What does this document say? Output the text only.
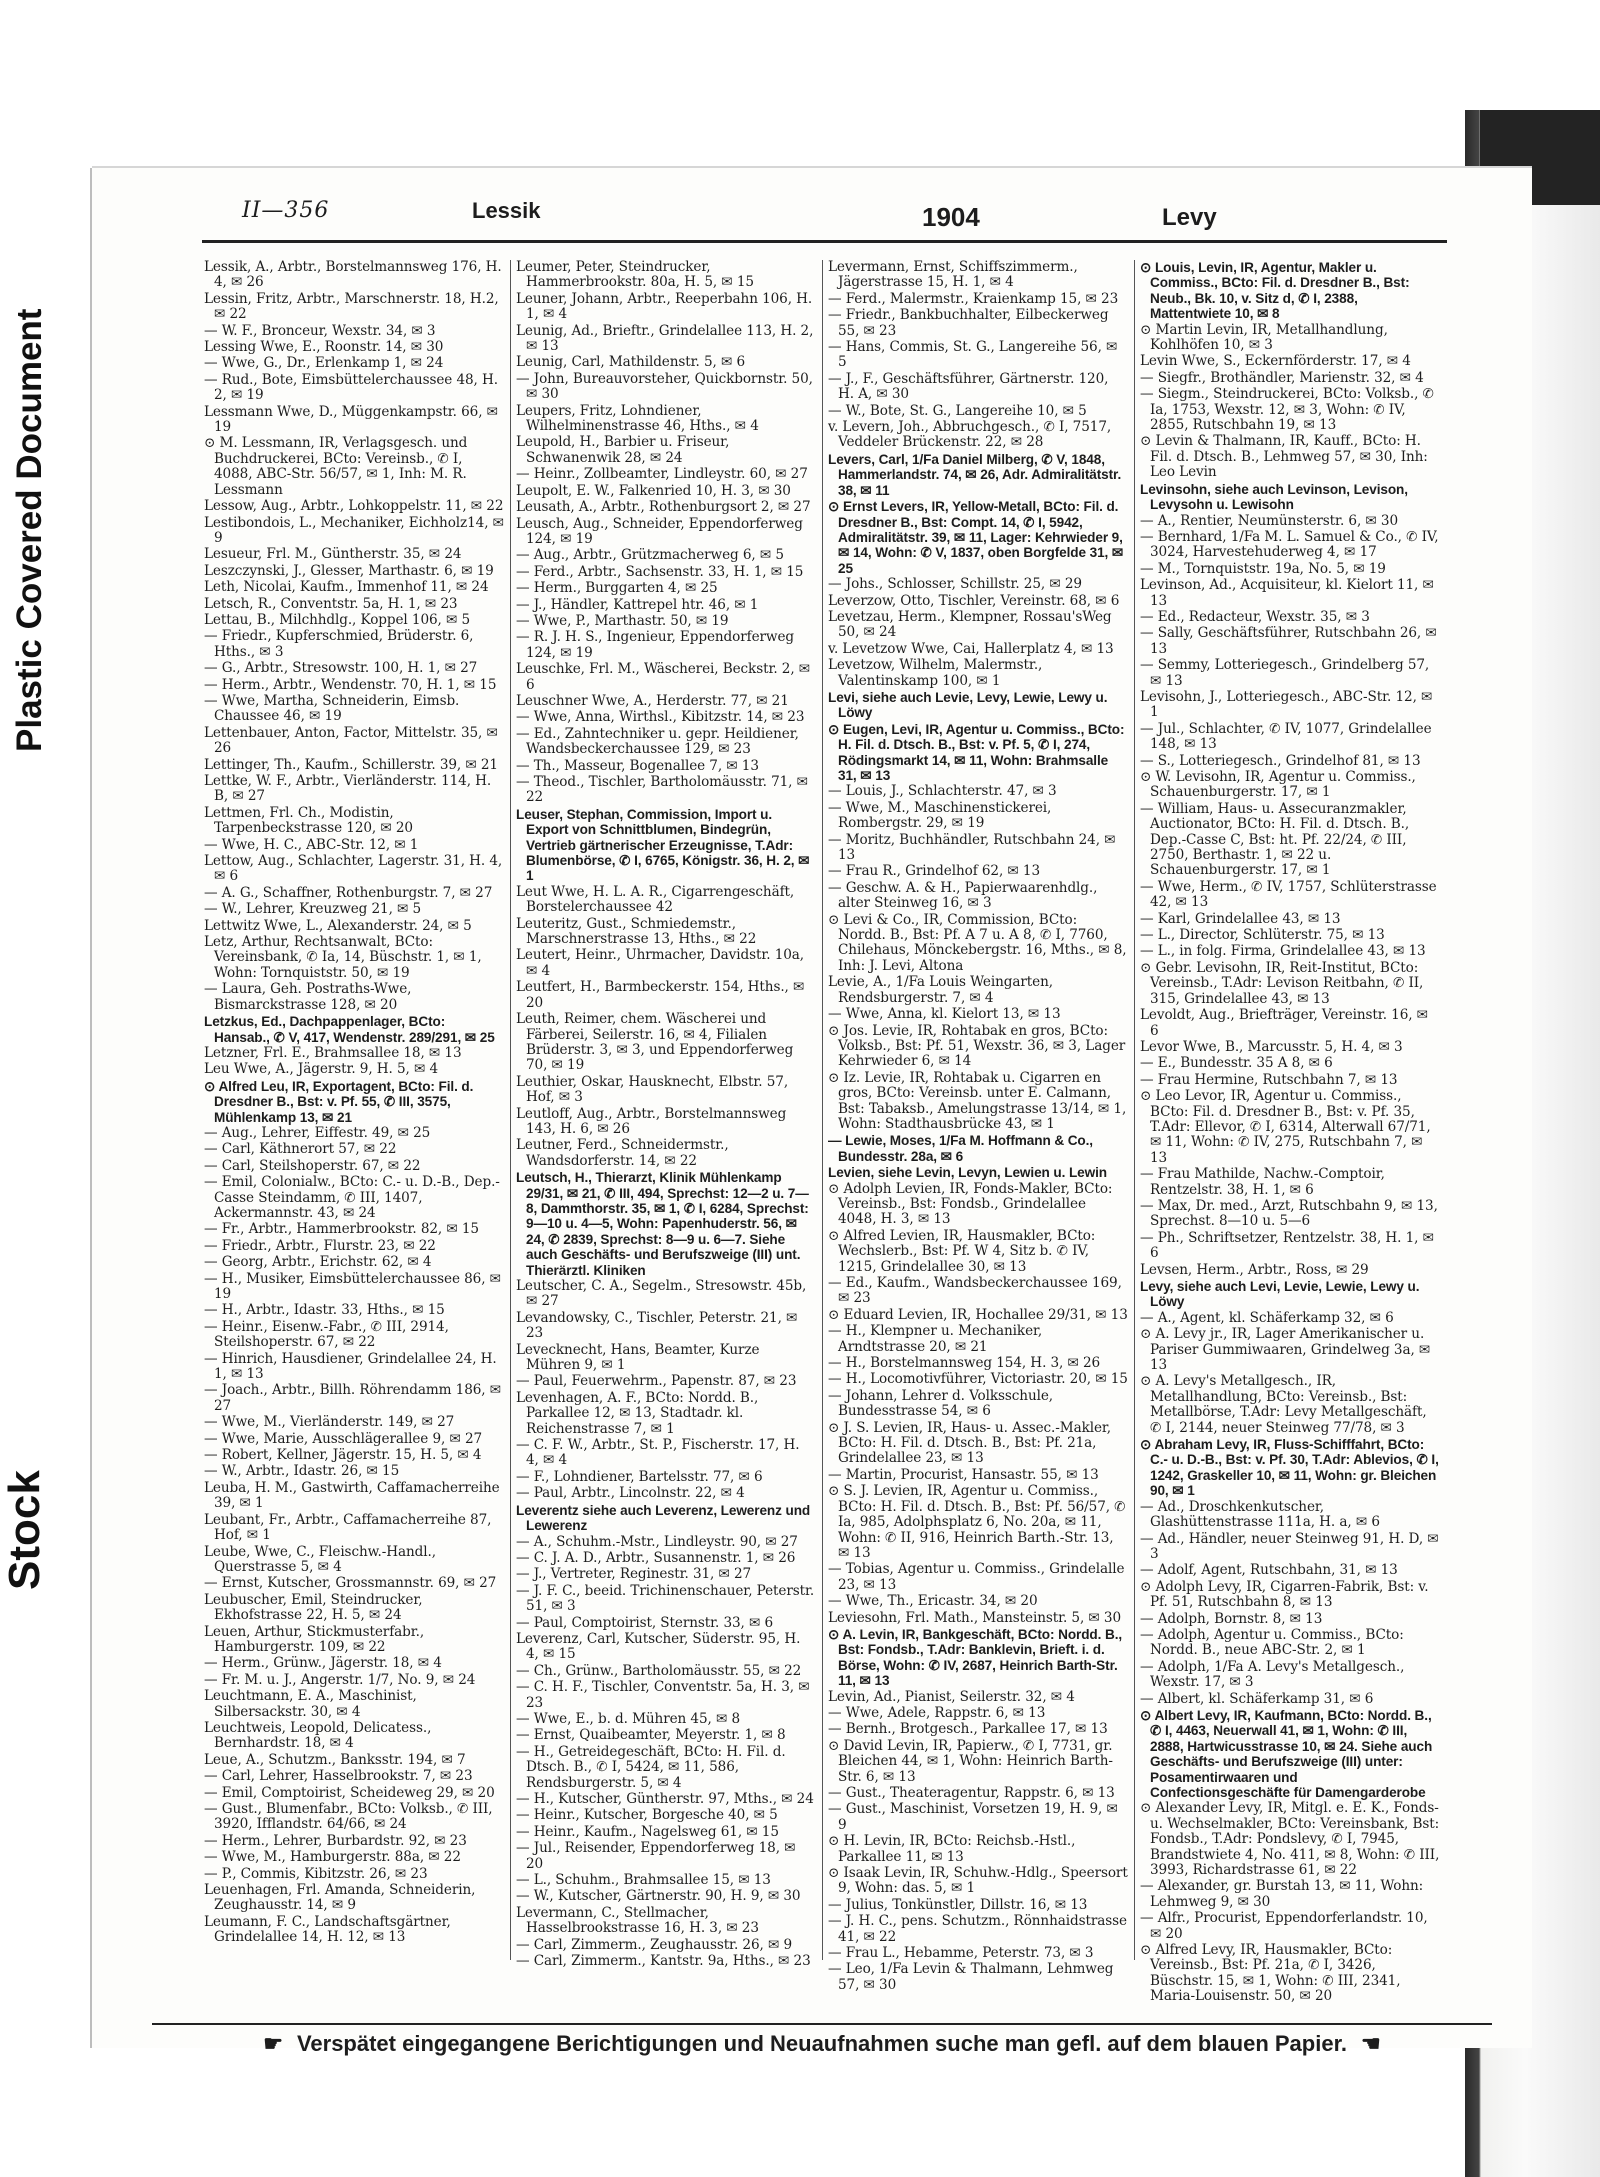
Plastic Covered Document
Stock
II—356	Lessik	1904	Levy
Lessik, A., Arbtr., Borstelmannsweg 176, H. 4, ✉ 26
Lessin, Fritz, Arbtr., Marschnerstr. 18, H.2, ✉ 22
— W. F., Bronceur, Wexstr. 34, ✉ 3
Lessing Wwe, E., Roonstr. 14, ✉ 30
— Wwe, G., Dr., Erlenkamp 1, ✉ 24
— Rud., Bote, Eimsbüttelerchaussee 48, H. 2, ✉ 19
Lessmann Wwe, D., Müggenkampstr. 66, ✉ 19
⊙ M. Lessmann, IR, Verlagsgesch. und Buchdruckerei, BCto: Vereinsb., ✆ I, 4088, ABC-Str. 56/57, ✉ 1, Inh: M. R. Lessmann
Lessow, Aug., Arbtr., Lohkoppelstr. 11, ✉ 22
Lestibondois, L., Mechaniker, Eichholz14, ✉ 9
Lesueur, Frl. M., Güntherstr. 35, ✉ 24
Leszczynski, J., Glesser, Marthastr. 6, ✉ 19
Leth, Nicolai, Kaufm., Immenhof 11, ✉ 24
Letsch, R., Conventstr. 5a, H. 1, ✉ 23
Lettau, B., Milchhdlg., Koppel 106, ✉ 5
— Friedr., Kupferschmied, Brüderstr. 6, Hths., ✉ 3
— G., Arbtr., Stresowstr. 100, H. 1, ✉ 27
— Herm., Arbtr., Wendenstr. 70, H. 1, ✉ 15
— Wwe, Martha, Schneiderin, Eimsb. Chaussee 46, ✉ 19
Lettenbauer, Anton, Factor, Mittelstr. 35, ✉ 26
Lettinger, Th., Kaufm., Schillerstr. 39, ✉ 21
Lettke, W. F., Arbtr., Vierländerstr. 114, H. B, ✉ 27
Lettmen, Frl. Ch., Modistin, Tarpenbeckstrasse 120, ✉ 20
— Wwe, H. C., ABC-Str. 12, ✉ 1
Lettow, Aug., Schlachter, Lagerstr. 31, H. 4, ✉ 6
— A. G., Schaffner, Rothenburgstr. 7, ✉ 27
— W., Lehrer, Kreuzweg 21, ✉ 5
Lettwitz Wwe, L., Alexanderstr. 24, ✉ 5
Letz, Arthur, Rechtsanwalt, BCto: Vereinsbank, ✆ Ia, 14, Büschstr. 1, ✉ 1, Wohn: Tornquiststr. 50, ✉ 19
— Laura, Geh. Postraths-Wwe, Bismarckstrasse 128, ✉ 20
Letzkus, Ed., Dachpappenlager, BCto: Hansab., ✆ V, 417, Wendenstr. 289/291, ✉ 25
Letzner, Frl. E., Brahmsallee 18, ✉ 13
Leu Wwe, A., Jägerstr. 9, H. 5, ✉ 4
⊙ Alfred Leu, IR, Exportagent, BCto: Fil. d. Dresdner B., Bst: v. Pf. 55, ✆ III, 3575, Mühlenkamp 13, ✉ 21
— Aug., Lehrer, Eiffestr. 49, ✉ 25
— Carl, Käthnerort 57, ✉ 22
— Carl, Steilshoperstr. 67, ✉ 22
— Emil, Colonialw., BCto: C.- u. D.-B., Dep.-Casse Steindamm, ✆ III, 1407, Ackermannstr. 43, ✉ 24
— Fr., Arbtr., Hammerbrookstr. 82, ✉ 15
— Friedr., Arbtr., Flurstr. 23, ✉ 22
— Georg, Arbtr., Erichstr. 62, ✉ 4
— H., Musiker, Eimsbüttelerchaussee 86, ✉ 19
— H., Arbtr., Idastr. 33, Hths., ✉ 15
— Heinr., Eisenw.-Fabr., ✆ III, 2914, Steilshoperstr. 67, ✉ 22
— Hinrich, Hausdiener, Grindelallee 24, H. 1, ✉ 13
— Joach., Arbtr., Billh. Röhrendamm 186, ✉ 27
— Wwe, M., Vierländerstr. 149, ✉ 27
— Wwe, Marie, Ausschlägerallee 9, ✉ 27
— Robert, Kellner, Jägerstr. 15, H. 5, ✉ 4
— W., Arbtr., Idastr. 26, ✉ 15
Leuba, H. M., Gastwirth, Caffamacherreihe 39, ✉ 1
Leubant, Fr., Arbtr., Caffamacherreihe 87, Hof, ✉ 1
Leube, Wwe, C., Fleischw.-Handl., Querstrasse 5, ✉ 4
— Ernst, Kutscher, Grossmannstr. 69, ✉ 27
Leubuscher, Emil, Steindrucker, Ekhofstrasse 22, H. 5, ✉ 24
Leuen, Arthur, Stickmusterfabr., Hamburgerstr. 109, ✉ 22
— Herm., Grünw., Jägerstr. 18, ✉ 4
— Fr. M. u. J., Angerstr. 1/7, No. 9, ✉ 24
Leuchtmann, E. A., Maschinist, Silbersackstr. 30, ✉ 4
Leuchtweis, Leopold, Delicatess., Bernhardstr. 18, ✉ 4
Leue, A., Schutzm., Banksstr. 194, ✉ 7
— Carl, Lehrer, Hasselbrookstr. 7, ✉ 23
— Emil, Comptoirist, Scheideweg 29, ✉ 20
— Gust., Blumenfabr., BCto: Volksb., ✆ III, 3920, Ifflandstr. 64/66, ✉ 24
— Herm., Lehrer, Burbardstr. 92, ✉ 23
— Wwe, M., Hamburgerstr. 88a, ✉ 22
— P., Commis, Kibitzstr. 26, ✉ 23
Leuenhagen, Frl. Amanda, Schneiderin, Zeughausstr. 14, ✉ 9
Leumann, F. C., Landschaftsgärtner, Grindelallee 14, H. 12, ✉ 13
Leumer, Peter, Steindrucker, Hammerbrookstr. 80a, H. 5, ✉ 15
Leuner, Johann, Arbtr., Reeperbahn 106, H. 1, ✉ 4
Leunig, Ad., Brieftr., Grindelallee 113, H. 2, ✉ 13
Leunig, Carl, Mathildenstr. 5, ✉ 6
— John, Bureauvorsteher, Quickbornstr. 50, ✉ 30
Leupers, Fritz, Lohndiener, Wilhelminenstrasse 46, Hths., ✉ 4
Leupold, H., Barbier u. Friseur, Schwanenwik 28, ✉ 24
— Heinr., Zollbeamter, Lindleystr. 60, ✉ 27
Leupolt, E. W., Falkenried 10, H. 3, ✉ 30
Leusath, A., Arbtr., Rothenburgsort 2, ✉ 27
Leusch, Aug., Schneider, Eppendorferweg 124, ✉ 19
— Aug., Arbtr., Grützmacherweg 6, ✉ 5
— Ferd., Arbtr., Sachsenstr. 33, H. 1, ✉ 15
— Herm., Burggarten 4, ✉ 25
— J., Händler, Kattrepel htr. 46, ✉ 1
— Wwe, P., Marthastr. 50, ✉ 19
— R. J. H. S., Ingenieur, Eppendorferweg 124, ✉ 19
Leuschke, Frl. M., Wäscherei, Beckstr. 2, ✉ 6
Leuschner Wwe, A., Herderstr. 77, ✉ 21
— Wwe, Anna, Wirthsl., Kibitzstr. 14, ✉ 23
— Ed., Zahntechniker u. gepr. Heildiener, Wandsbeckerchaussee 129, ✉ 23
— Th., Masseur, Bogenallee 7, ✉ 13
— Theod., Tischler, Bartholomäusstr. 71, ✉ 22
Leuser, Stephan, Commission, Import u. Export von Schnittblumen, Bindegrün, Vertrieb gärtnerischer Erzeugnisse, T.Adr: Blumenbörse, ✆ I, 6765, Königstr. 36, H. 2, ✉ 1
Leut Wwe, H. L. A. R., Cigarrengeschäft, Borstelerchaussee 42
Leuteritz, Gust., Schmiedemstr., Marschnerstrasse 13, Hths., ✉ 22
Leutert, Heinr., Uhrmacher, Davidstr. 10a, ✉ 4
Leutfert, H., Barmbeckerstr. 154, Hths., ✉ 20
Leuth, Reimer, chem. Wäscherei und Färberei, Seilerstr. 16, ✉ 4, Filialen Brüderstr. 3, ✉ 3, und Eppendorferweg 70, ✉ 19
Leuthier, Oskar, Hausknecht, Elbstr. 57, Hof, ✉ 3
Leutloff, Aug., Arbtr., Borstelmannsweg 143, H. 6, ✉ 26
Leutner, Ferd., Schneidermstr., Wandsdorferstr. 14, ✉ 22
Leutsch, H., Thierarzt, Klinik Mühlenkamp 29/31, ✉ 21, ✆ III, 494, Sprechst: 12—2 u. 7—8, Dammthorstr. 35, ✉ 1, ✆ I, 6284, Sprechst: 9—10 u. 4—5, Wohn: Papenhuderstr. 56, ✉ 24, ✆ 2839, Sprechst: 8—9 u. 6—7. Siehe auch Geschäfts- und Berufszweige (III) unt. Thierärztl. Kliniken
Leutscher, C. A., Segelm., Stresowstr. 45b, ✉ 27
Levandowsky, C., Tischler, Peterstr. 21, ✉ 23
Levecknecht, Hans, Beamter, Kurze Mühren 9, ✉ 1
— Paul, Feuerwehrm., Papenstr. 87, ✉ 23
Levenhagen, A. F., BCto: Nordd. B., Parkallee 12, ✉ 13, Stadtadr. kl. Reichenstrasse 7, ✉ 1
— C. F. W., Arbtr., St. P., Fischerstr. 17, H. 4, ✉ 4
— F., Lohndiener, Bartelsstr. 77, ✉ 6
— Paul, Arbtr., Lincolnstr. 22, ✉ 4
Leverentz siehe auch Leverenz, Lewerenz und Lewerenz
— A., Schuhm.-Mstr., Lindleystr. 90, ✉ 27
— C. J. A. D., Arbtr., Susannenstr. 1, ✉ 26
— J., Vertreter, Reginestr. 31, ✉ 27
— J. F. C., beeid. Trichinenschauer, Peterstr. 51, ✉ 3
— Paul, Comptoirist, Sternstr. 33, ✉ 6
Leverenz, Carl, Kutscher, Süderstr. 95, H. 4, ✉ 15
— Ch., Grünw., Bartholomäusstr. 55, ✉ 22
— C. H. F., Tischler, Conventstr. 5a, H. 3, ✉ 23
— Wwe, E., b. d. Mühren 45, ✉ 8
— Ernst, Quaibeamter, Meyerstr. 1, ✉ 8
— H., Getreidegeschäft, BCto: H. Fil. d. Dtsch. B., ✆ I, 5424, ✉ 11, 586, Rendsburgerstr. 5, ✉ 4
— H., Kutscher, Güntherstr. 97, Mths., ✉ 24
— Heinr., Kutscher, Borgesche 40, ✉ 5
— Heinr., Kaufm., Nagelsweg 61, ✉ 15
— Jul., Reisender, Eppendorferweg 18, ✉ 20
— L., Schuhm., Brahmsallee 15, ✉ 13
— W., Kutscher, Gärtnerstr. 90, H. 9, ✉ 30
Levermann, C., Stellmacher, Hasselbrookstrasse 16, H. 3, ✉ 23
— Carl, Zimmerm., Zeughausstr. 26, ✉ 9
— Carl, Zimmerm., Kantstr. 9a, Hths., ✉ 23
Levermann, Ernst, Schiffszimmerm., Jägerstrasse 15, H. 1, ✉ 4
— Ferd., Malermstr., Kraienkamp 15, ✉ 23
— Friedr., Bankbuchhalter, Eilbeckerweg 55, ✉ 23
— Hans, Commis, St. G., Langereihe 56, ✉ 5
— J., F., Geschäftsführer, Gärtnerstr. 120, H. A, ✉ 30
— W., Bote, St. G., Langereihe 10, ✉ 5
v. Levern, Joh., Abbruchgesch., ✆ I, 7517, Veddeler Brückenstr. 22, ✉ 28
Levers, Carl, 1/Fa Daniel Milberg, ✆ V, 1848, Hammerlandstr. 74, ✉ 26, Adr. Admiralitätstr. 38, ✉ 11
⊙ Ernst Levers, IR, Yellow-Metall, BCto: Fil. d. Dresdner B., Bst: Compt. 14, ✆ I, 5942, Admiralitätstr. 39, ✉ 11, Lager: Kehrwieder 9, ✉ 14, Wohn: ✆ V, 1837, oben Borgfelde 31, ✉ 25
— Johs., Schlosser, Schillstr. 25, ✉ 29
Leverzow, Otto, Tischler, Vereinstr. 68, ✉ 6
Levetzau, Herm., Klempner, Rossau'sWeg 50, ✉ 24
v. Levetzow Wwe, Cai, Hallerplatz 4, ✉ 13
Levetzow, Wilhelm, Malermstr., Valentinskamp 100, ✉ 1
Levi, siehe auch Levie, Levy, Lewie, Lewy u. Löwy
⊙ Eugen, Levi, IR, Agentur u. Commiss., BCto: H. Fil. d. Dtsch. B., Bst: v. Pf. 5, ✆ I, 274, Rödingsmarkt 14, ✉ 11, Wohn: Brahmsalle 31, ✉ 13
— Louis, J., Schlachterstr. 47, ✉ 3
— Wwe, M., Maschinenstickerei, Rombergstr. 29, ✉ 19
— Moritz, Buchhändler, Rutschbahn 24, ✉ 13
— Frau R., Grindelhof 62, ✉ 13
— Geschw. A. & H., Papierwaarenhdlg., alter Steinweg 16, ✉ 3
⊙ Levi & Co., IR, Commission, BCto: Nordd. B., Bst: Pf. A 7 u. A 8, ✆ I, 7760, Chilehaus, Mönckebergstr. 16, Mths., ✉ 8, Inh: J. Levi, Altona
Levie, A., 1/Fa Louis Weingarten, Rendsburgerstr. 7, ✉ 4
— Wwe, Anna, kl. Kielort 13, ✉ 13
⊙ Jos. Levie, IR, Rohtabak en gros, BCto: Volksb., Bst: Pf. 51, Wexstr. 36, ✉ 3, Lager Kehrwieder 6, ✉ 14
⊙ Iz. Levie, IR, Rohtabak u. Cigarren en gros, BCto: Vereinsb. unter E. Calmann, Bst: Tabaksb., Amelungstrasse 13/14, ✉ 1, Wohn: Stadthausbrücke 43, ✉ 1
— Lewie, Moses, 1/Fa M. Hoffmann & Co., Bundesstr. 28a, ✉ 6
Levien, siehe Levin, Levyn, Lewien u. Lewin
⊙ Adolph Levien, IR, Fonds-Makler, BCto: Vereinsb., Bst: Fondsb., Grindelallee 4048, H. 3, ✉ 13
⊙ Alfred Levien, IR, Hausmakler, BCto: Wechslerb., Bst: Pf. W 4, Sitz b. ✆ IV, 1215, Grindelallee 30, ✉ 13
— Ed., Kaufm., Wandsbeckerchaussee 169, ✉ 23
⊙ Eduard Levien, IR, Hochallee 29/31, ✉ 13
— H., Klempner u. Mechaniker, Arndtstrasse 20, ✉ 21
— H., Borstelmannsweg 154, H. 3, ✉ 26
— H., Locomotivführer, Victoriastr. 20, ✉ 15
— Johann, Lehrer d. Volksschule, Bundesstrasse 54, ✉ 6
⊙ J. S. Levien, IR, Haus- u. Assec.-Makler, BCto: H. Fil. d. Dtsch. B., Bst: Pf. 21a, Grindelallee 23, ✉ 13
— Martin, Procurist, Hansastr. 55, ✉ 13
⊙ S. J. Levien, IR, Agentur u. Commiss., BCto: H. Fil. d. Dtsch. B., Bst: Pf. 56/57, ✆ Ia, 985, Adolphsplatz 6, No. 20a, ✉ 11, Wohn: ✆ II, 916, Heinrich Barth.-Str. 13, ✉ 13
— Tobias, Agentur u. Commiss., Grindelalle 23, ✉ 13
— Wwe, Th., Ericastr. 34, ✉ 20
Leviesohn, Frl. Math., Mansteinstr. 5, ✉ 30
⊙ A. Levin, IR, Bankgeschäft, BCto: Nordd. B., Bst: Fondsb., T.Adr: Banklevin, Brieft. i. d. Börse, Wohn: ✆ IV, 2687, Heinrich Barth-Str. 11, ✉ 13
Levin, Ad., Pianist, Seilerstr. 32, ✉ 4
— Wwe, Adele, Rappstr. 6, ✉ 13
— Bernh., Brotgesch., Parkallee 17, ✉ 13
⊙ David Levin, IR, Papierw., ✆ I, 7731, gr. Bleichen 44, ✉ 1, Wohn: Heinrich Barth-Str. 6, ✉ 13
— Gust., Theateragentur, Rappstr. 6, ✉ 13
— Gust., Maschinist, Vorsetzen 19, H. 9, ✉ 9
⊙ H. Levin, IR, BCto: Reichsb.-Hstl., Parkallee 11, ✉ 13
⊙ Isaak Levin, IR, Schuhw.-Hdlg., Speersort 9, Wohn: das. 5, ✉ 1
— Julius, Tonkünstler, Dillstr. 16, ✉ 13
— J. H. C., pens. Schutzm., Rönnhaidstrasse 41, ✉ 22
— Frau L., Hebamme, Peterstr. 73, ✉ 3
— Leo, 1/Fa Levin & Thalmann, Lehmweg 57, ✉ 30
⊙ Louis, Levin, IR, Agentur, Makler u. Commiss., BCto: Fil. d. Dresdner B., Bst: Neub., Bk. 10, v. Sitz d, ✆ I, 2388, Mattentwiete 10, ✉ 8
⊙ Martin Levin, IR, Metallhandlung, Kohlhöfen 10, ✉ 3
Levin Wwe, S., Eckernförderstr. 17, ✉ 4
— Siegfr., Brothändler, Marienstr. 32, ✉ 4
— Siegm., Steindruckerei, BCto: Volksb., ✆ Ia, 1753, Wexstr. 12, ✉ 3, Wohn: ✆ IV, 2855, Rutschbahn 19, ✉ 13
⊙ Levin & Thalmann, IR, Kauff., BCto: H. Fil. d. Dtsch. B., Lehmweg 57, ✉ 30, Inh: Leo Levin
Levinsohn, siehe auch Levinson, Levison, Levysohn u. Lewisohn
— A., Rentier, Neumünsterstr. 6, ✉ 30
— Bernhard, 1/Fa M. L. Samuel & Co., ✆ IV, 3024, Harvestehuderweg 4, ✉ 17
— M., Tornquiststr. 19a, No. 5, ✉ 19
Levinson, Ad., Acquisiteur, kl. Kielort 11, ✉ 13
— Ed., Redacteur, Wexstr. 35, ✉ 3
— Sally, Geschäftsführer, Rutschbahn 26, ✉ 13
— Semmy, Lotteriegesch., Grindelberg 57, ✉ 13
Levisohn, J., Lotteriegesch., ABC-Str. 12, ✉ 1
— Jul., Schlachter, ✆ IV, 1077, Grindelallee 148, ✉ 13
— S., Lotteriegesch., Grindelhof 81, ✉ 13
⊙ W. Levisohn, IR, Agentur u. Commiss., Schauenburgerstr. 17, ✉ 1
— William, Haus- u. Assecuranzmakler, Auctionator, BCto: H. Fil. d. Dtsch. B., Dep.-Casse C, Bst: ht. Pf. 22/24, ✆ III, 2750, Berthastr. 1, ✉ 22 u. Schauenburgerstr. 17, ✉ 1
— Wwe, Herm., ✆ IV, 1757, Schlüterstrasse 42, ✉ 13
— Karl, Grindelallee 43, ✉ 13
— L., Director, Schlüterstr. 75, ✉ 13
— L., in folg. Firma, Grindelallee 43, ✉ 13
⊙ Gebr. Levisohn, IR, Reit-Institut, BCto: Vereinsb., T.Adr: Levison Reitbahn, ✆ II, 315, Grindelallee 43, ✉ 13
Levoldt, Aug., Briefträger, Vereinstr. 16, ✉ 6
Levor Wwe, B., Marcusstr. 5, H. 4, ✉ 3
— E., Bundesstr. 35 A 8, ✉ 6
— Frau Hermine, Rutschbahn 7, ✉ 13
⊙ Leo Levor, IR, Agentur u. Commiss., BCto: Fil. d. Dresdner B., Bst: v. Pf. 35, T.Adr: Ellevor, ✆ I, 6314, Alterwall 67/71, ✉ 11, Wohn: ✆ IV, 275, Rutschbahn 7, ✉ 13
— Frau Mathilde, Nachw.-Comptoir, Rentzelstr. 38, H. 1, ✉ 6
— Max, Dr. med., Arzt, Rutschbahn 9, ✉ 13, Sprechst. 8—10 u. 5—6
— Ph., Schriftsetzer, Rentzelstr. 38, H. 1, ✉ 6
Levsen, Herm., Arbtr., Ross, ✉ 29
Levy, siehe auch Levi, Levie, Lewie, Lewy u. Löwy
— A., Agent, kl. Schäferkamp 32, ✉ 6
⊙ A. Levy jr., IR, Lager Amerikanischer u. Pariser Gummiwaaren, Grindelweg 3a, ✉ 13
⊙ A. Levy's Metallgesch., IR, Metallhandlung, BCto: Vereinsb., Bst: Metallbörse, T.Adr: Levy Metallgeschäft, ✆ I, 2144, neuer Steinweg 77/78, ✉ 3
⊙ Abraham Levy, IR, Fluss-Schifffahrt, BCto: C.- u. D.-B., Bst: v. Pf. 30, T.Adr: Ablevios, ✆ I, 1242, Graskeller 10, ✉ 11, Wohn: gr. Bleichen 90, ✉ 1
— Ad., Droschkenkutscher, Glashüttenstrasse 111a, H. a, ✉ 6
— Ad., Händler, neuer Steinweg 91, H. D, ✉ 3
— Adolf, Agent, Rutschbahn, 31, ✉ 13
⊙ Adolph Levy, IR, Cigarren-Fabrik, Bst: v. Pf. 51, Rutschbahn 8, ✉ 13
— Adolph, Bornstr. 8, ✉ 13
— Adolph, Agentur u. Commiss., BCto: Nordd. B., neue ABC-Str. 2, ✉ 1
— Adolph, 1/Fa A. Levy's Metallgesch., Wexstr. 17, ✉ 3
— Albert, kl. Schäferkamp 31, ✉ 6
⊙ Albert Levy, IR, Kaufmann, BCto: Nordd. B., ✆ I, 4463, Neuerwall 41, ✉ 1, Wohn: ✆ III, 2888, Hartwicusstrasse 10, ✉ 24. Siehe auch Geschäfts- und Berufszweige (III) unter: Posamentirwaaren und Confectionsgeschäfte für Damengarderobe
⊙ Alexander Levy, IR, Mitgl. e. E. K., Fonds-u. Wechselmakler, BCto: Vereinsbank, Bst: Fondsb., T.Adr: Pondslevy, ✆ I, 7945, Brandstwiete 4, No. 411, ✉ 8, Wohn: ✆ III, 3993, Richardstrasse 61, ✉ 22
— Alexander, gr. Burstah 13, ✉ 11, Wohn: Lehmweg 9, ✉ 30
— Alfr., Procurist, Eppendorferlandstr. 10, ✉ 20
⊙ Alfred Levy, IR, Hausmakler, BCto: Vereinsb., Bst: Pf. 21a, ✆ I, 3426, Büschstr. 15, ✉ 1, Wohn: ✆ III, 2341, Maria-Louisenstr. 50, ✉ 20
☛ Verspätet eingegangene Berichtigungen und Neuaufnahmen suche man gefl. auf dem blauen Papier. ☚
